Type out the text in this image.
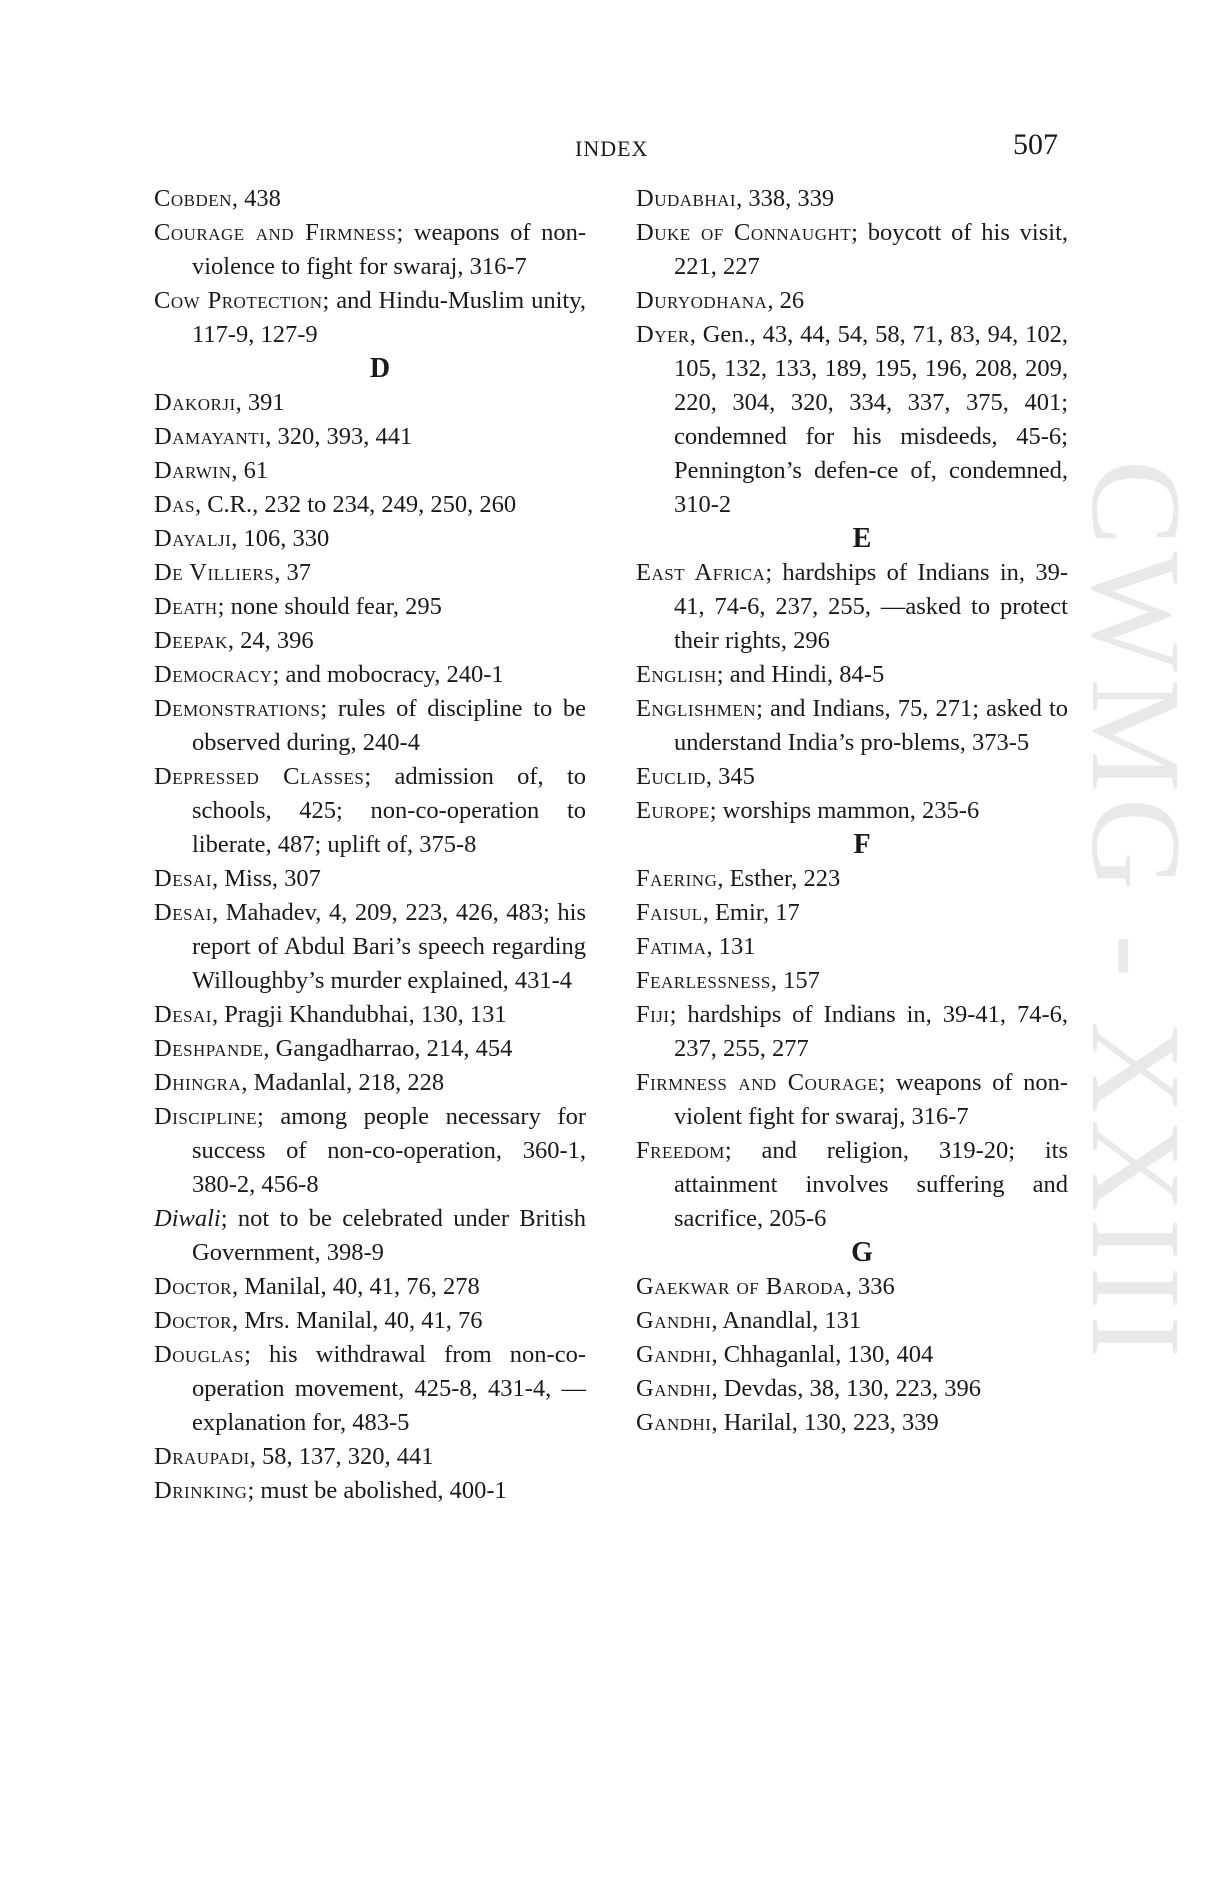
CWMG - XXIII
INDEX	507

Cobden, 438

Courage and Firmness; weapons of non-violence to fight for swaraj, 316-7

Cow Protection; and Hindu-Muslim unity, 117-9, 127-9

D

Dakorji, 391

Damayanti, 320, 393, 441

Darwin, 61

Das, C.R., 232 to 234, 249, 250, 260

Dayalji, 106, 330

De Villiers, 37

Death; none should fear, 295

Deepak, 24, 396

Democracy; and mobocracy, 240-1

Demonstrations; rules of discipline to be observed during, 240-4

Depressed Classes; admission of, to schools, 425; non-co-operation to liberate, 487; uplift of, 375-8

Desai, Miss, 307

Desai, Mahadev, 4, 209, 223, 426, 483; his report of Abdul Bari’s speech regarding Willoughby’s murder explained, 431-4

Desai, Pragji Khandubhai, 130, 131

Deshpande, Gangadharrao, 214, 454

Dhingra, Madanlal, 218, 228

Discipline; among people necessary for success of non-co-operation, 360-1, 380-2, 456-8

Diwali; not to be celebrated under British Government, 398-9

Doctor, Manilal, 40, 41, 76, 278

Doctor, Mrs. Manilal, 40, 41, 76

Douglas; his withdrawal from non-co-operation movement, 425-8, 431-4, —explanation for, 483-5

Draupadi, 58, 137, 320, 441

Drinking; must be abolished, 400-1

Dudabhai, 338, 339

Duke of Connaught; boycott of his visit, 221, 227

Duryodhana, 26

Dyer, Gen., 43, 44, 54, 58, 71, 83, 94, 102, 105, 132, 133, 189, 195, 196, 208, 209, 220, 304, 320, 334, 337, 375, 401; condemned for his misdeeds, 45-6; Pennington’s defen-ce of, condemned, 310-2

E

East Africa; hardships of Indians in, 39-41, 74-6, 237, 255, —asked to protect their rights, 296

English; and Hindi, 84-5

Englishmen; and Indians, 75, 271; asked to understand India’s pro-blems, 373-5

Euclid, 345

Europe; worships mammon, 235-6

F

Faering, Esther, 223

Faisul, Emir, 17

Fatima, 131

Fearlessness, 157

Fiji; hardships of Indians in, 39-41, 74-6, 237, 255, 277

Firmness and Courage; weapons of non-violent fight for swaraj, 316-7

Freedom; and religion, 319-20; its attainment involves suffering and sacrifice, 205-6

G

Gaekwar of Baroda, 336

Gandhi, Anandlal, 131

Gandhi, Chhaganlal, 130, 404

Gandhi, Devdas, 38, 130, 223, 396

Gandhi, Harilal, 130, 223, 339
